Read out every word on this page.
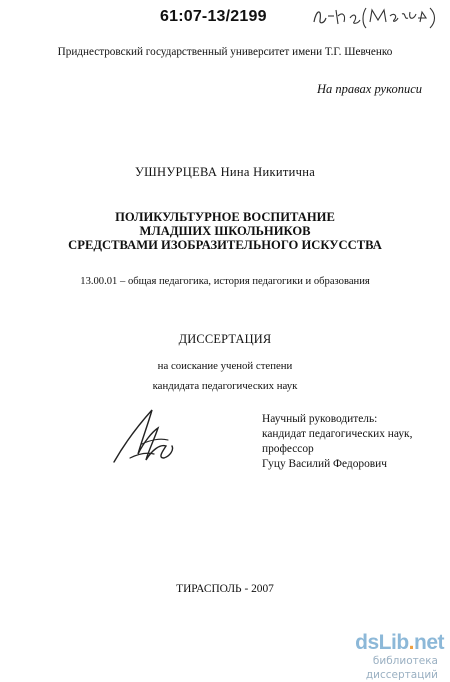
61:07-13/2199
Приднестровский государственный университет имени Т.Г. Шевченко
На правах рукописи
УШНУРЦЕВА Нина Никитична
ПОЛИКУЛЬТУРНОЕ ВОСПИТАНИЕ
МЛАДШИХ ШКОЛЬНИКОВ
СРЕДСТВАМИ ИЗОБРАЗИТЕЛЬНОГО ИСКУССТВА
13.00.01 – общая педагогика, история педагогики и образования
ДИССЕРТАЦИЯ
на соискание ученой степени
кандидата педагогических наук
Научный руководитель:
кандидат педагогических наук,
профессор
Гуцу Василий Федорович
ТИРАСПОЛЬ - 2007
dsLib.net
библиотека диссертаций
